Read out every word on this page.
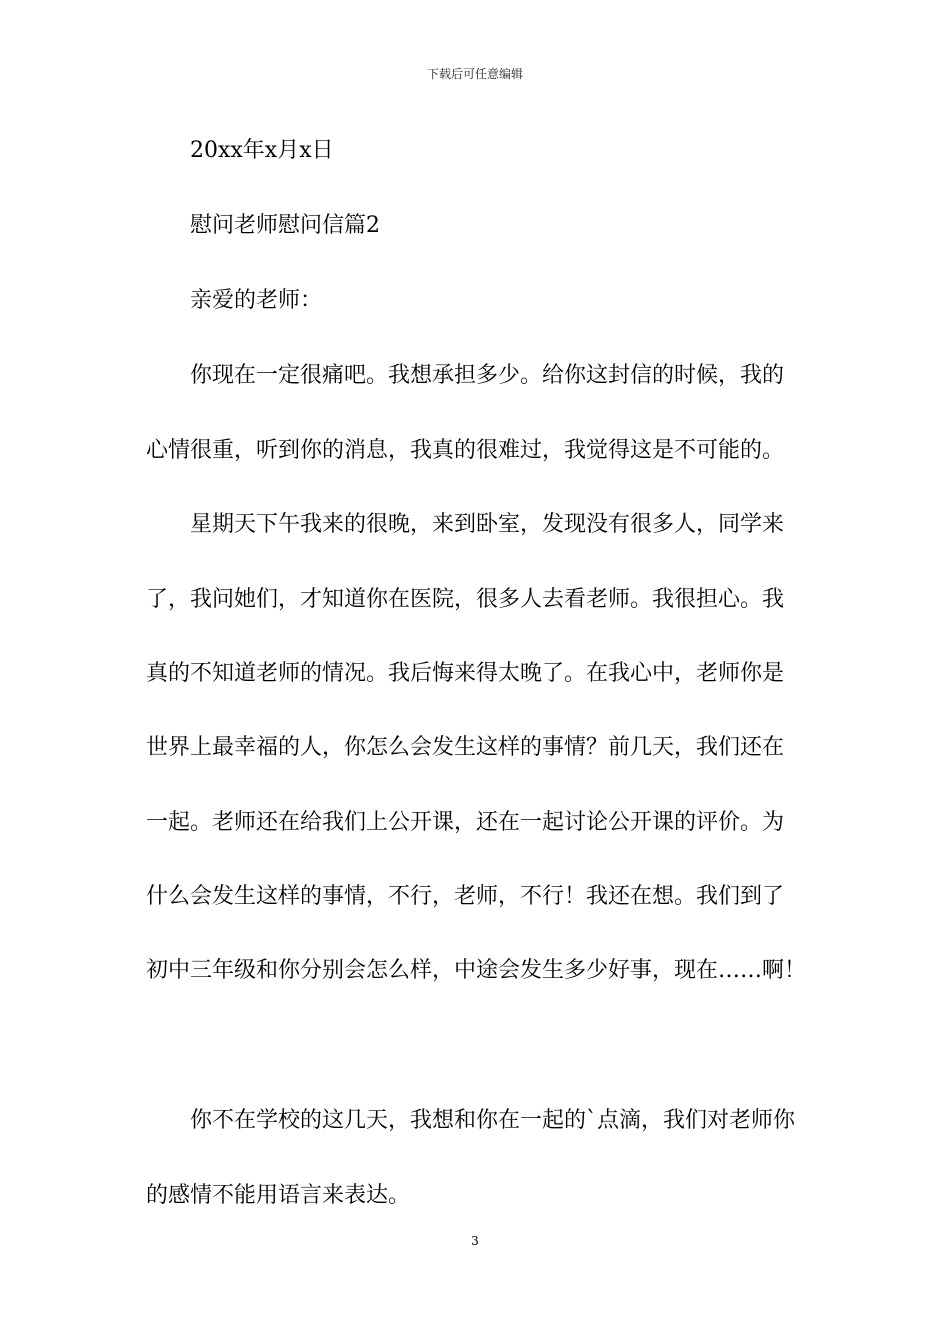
下载后可任意编辑
20xx年x月x日
慰问老师慰问信篇2
亲爱的老师：
你现在一定很痛吧。我想承担多少。给你这封信的时候，我的
心情很重，听到你的消息，我真的很难过，我觉得这是不可能的。
星期天下午我来的很晚，来到卧室，发现没有很多人，同学来
了，我问她们，才知道你在医院，很多人去看老师。我很担心。我
真的不知道老师的情况。我后悔来得太晚了。在我心中，老师你是
世界上最幸福的人，你怎么会发生这样的事情？前几天，我们还在
一起。老师还在给我们上公开课，还在一起讨论公开课的评价。为
什么会发生这样的事情，不行，老师，不行！我还在想。我们到了
初中三年级和你分别会怎么样，中途会发生多少好事，现在……啊！
你不在学校的这几天，我想和你在一起的`点滴，我们对老师你
的感情不能用语言来表达。
3
